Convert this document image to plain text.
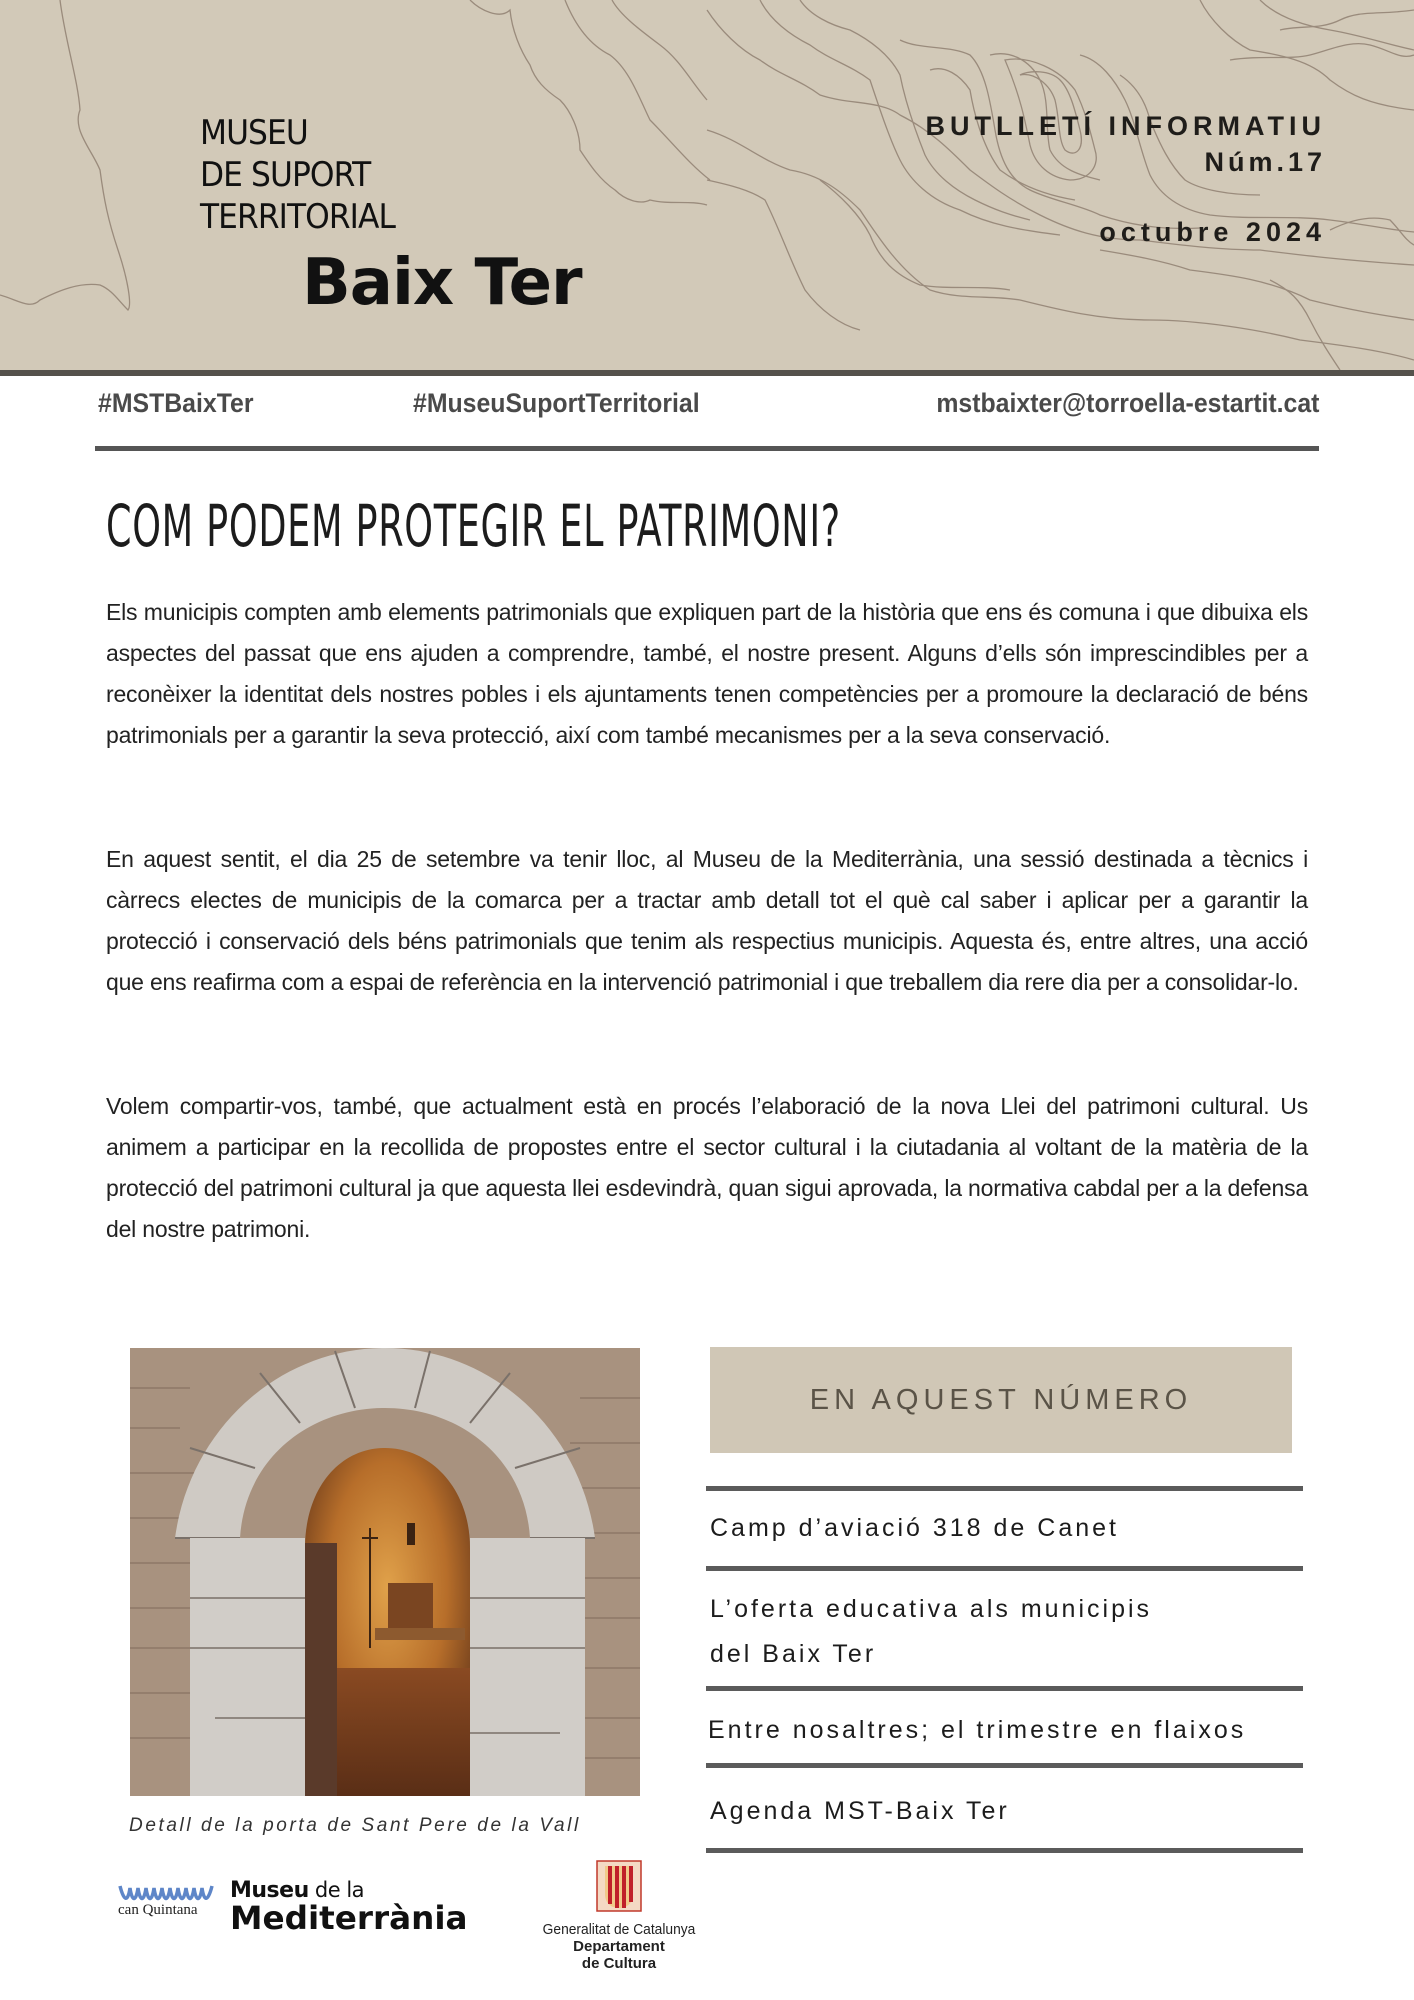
MUSEU
DE SUPORT
TERRITORIAL
Baix Ter
BUTLLETÍ INFORMATIU
Núm.17
octubre 2024
#MSTBaixTer	#MuseuSuportTerritorial	mstbaixter@torroella-estartit.cat
COM PODEM PROTEGIR EL PATRIMONI?

Els municipis compten amb elements patrimonials que expliquen part de la història que ens és comuna i que dibuixa els aspectes del passat que ens ajuden a comprendre, també, el nostre present. Alguns d’ells són imprescindibles per a reconèixer la identitat dels nostres pobles i els ajuntaments tenen competències per a promoure la declaració de béns patrimonials per a garantir la seva protecció, així com també mecanismes per a la seva conservació.

En aquest sentit, el dia 25 de setembre va tenir lloc, al Museu de la Mediterrània, una sessió destinada a tècnics i càrrecs electes de municipis de la comarca per a tractar amb detall tot el què cal saber i aplicar per a garantir la protecció i conservació dels béns patrimonials que tenim als respectius municipis. Aquesta és, entre altres, una acció que ens reafirma com a espai de referència en la intervenció patrimonial i que treballem dia rere dia per a consolidar-lo.

Volem compartir-vos, també, que actualment està en procés l’elaboració de la nova Llei del patrimoni cultural. Us animem a participar en la recollida de propostes entre el sector cultural i la ciutadania al voltant de la matèria de la protecció del patrimoni cultural ja que aquesta llei esdevindrà, quan sigui aprovada, la normativa cabdal per a la defensa del nostre patrimoni.

Detall de la porta de Sant Pere de la Vall
EN AQUEST NÚMERO
Camp d’aviació 318 de Canet
L’oferta educativa als municipis
del Baix Ter
Entre nosaltres; el trimestre en flaixos
Agenda MST-Baix Ter
can Quintana
Museu de la
Mediterrània	Generalitat de Catalunya
Departament
de Cultura
